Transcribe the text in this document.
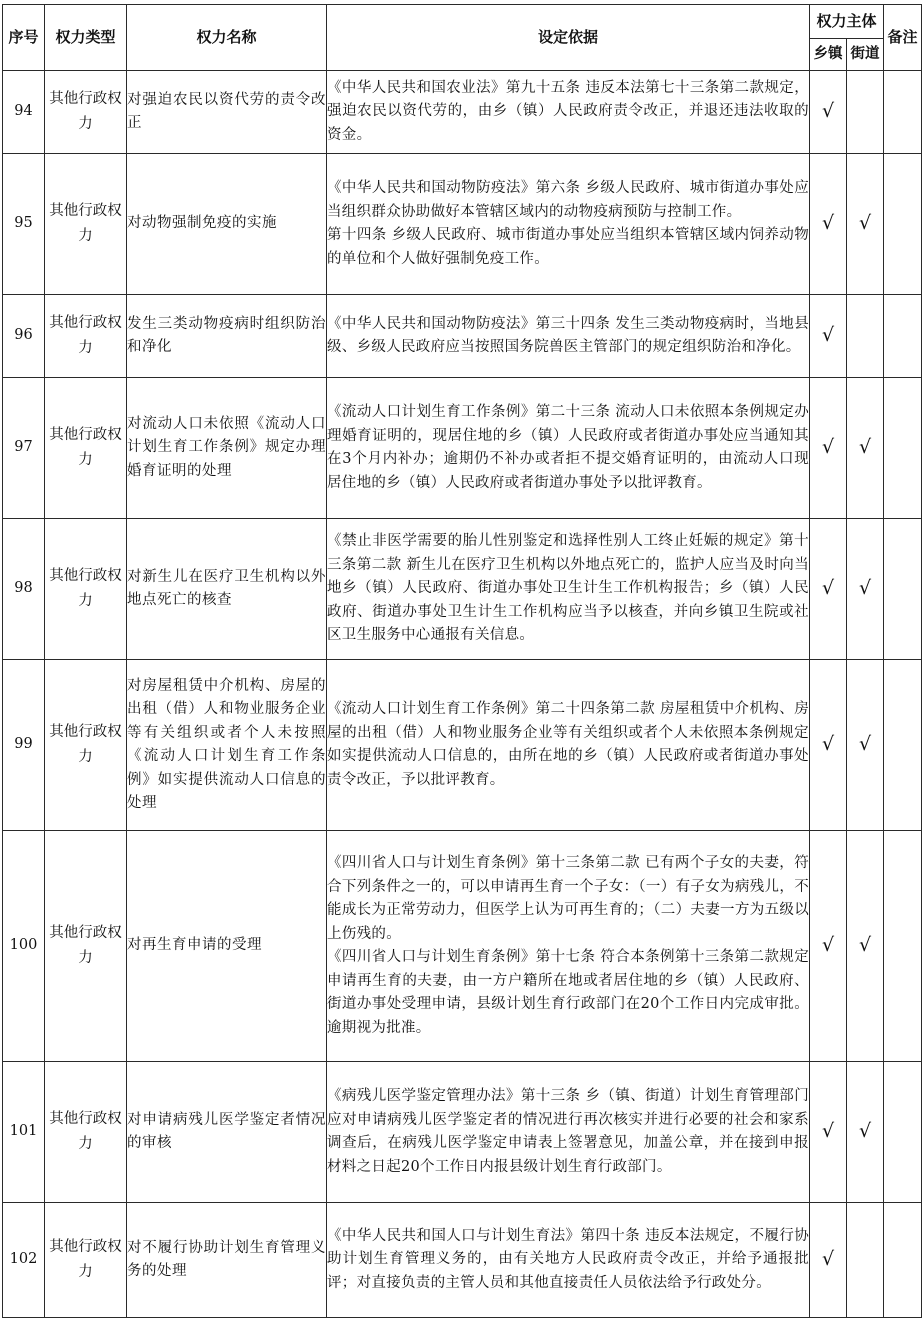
序号	权力类型	权力名称	设定依据	权力主体		备注
				乡镇	街道	
94	其他行政权力	对强迫农民以资代劳的责令改正	《中华人民共和国农业法》第九十五条 违反本法第七十三条第二款规定，强迫农民以资代劳的，由乡（镇）人民政府责令改正，并退还违法收取的资金。	√		
95	其他行政权力	对动物强制免疫的实施	《中华人民共和国动物防疫法》第六条 乡级人民政府、城市街道办事处应当组织群众协助做好本管辖区域内的动物疫病预防与控制工作。
第十四条 乡级人民政府、城市街道办事处应当组织本管辖区域内饲养动物的单位和个人做好强制免疫工作。	√	√	
96	其他行政权力	发生三类动物疫病时组织防治和净化	《中华人民共和国动物防疫法》第三十四条 发生三类动物疫病时，当地县级、乡级人民政府应当按照国务院兽医主管部门的规定组织防治和净化。	√		
97	其他行政权力	对流动人口未依照《流动人口计划生育工作条例》规定办理婚育证明的处理	《流动人口计划生育工作条例》第二十三条 流动人口未依照本条例规定办理婚育证明的，现居住地的乡（镇）人民政府或者街道办事处应当通知其在3个月内补办；逾期仍不补办或者拒不提交婚育证明的，由流动人口现居住地的乡（镇）人民政府或者街道办事处予以批评教育。	√	√	
98	其他行政权力	对新生儿在医疗卫生机构以外地点死亡的核查	《禁止非医学需要的胎儿性别鉴定和选择性别人工终止妊娠的规定》第十三条第二款 新生儿在医疗卫生机构以外地点死亡的，监护人应当及时向当地乡（镇）人民政府、街道办事处卫生计生工作机构报告；乡（镇）人民政府、街道办事处卫生计生工作机构应当予以核查，并向乡镇卫生院或社区卫生服务中心通报有关信息。	√	√	
99	其他行政权力	对房屋租赁中介机构、房屋的出租（借）人和物业服务企业等有关组织或者个人未按照《流动人口计划生育工作条例》如实提供流动人口信息的处理	《流动人口计划生育工作条例》第二十四条第二款 房屋租赁中介机构、房屋的出租（借）人和物业服务企业等有关组织或者个人未依照本条例规定如实提供流动人口信息的，由所在地的乡（镇）人民政府或者街道办事处责令改正，予以批评教育。	√	√	
100	其他行政权力	对再生育申请的受理	《四川省人口与计划生育条例》第十三条第二款 已有两个子女的夫妻，符合下列条件之一的，可以申请再生育一个子女：（一）有子女为病残儿，不能成长为正常劳动力，但医学上认为可再生育的；（二）夫妻一方为五级以上伤残的。
《四川省人口与计划生育条例》第十七条 符合本条例第十三条第二款规定申请再生育的夫妻，由一方户籍所在地或者居住地的乡（镇）人民政府、街道办事处受理申请，县级计划生育行政部门在20个工作日内完成审批。逾期视为批准。	√	√	
101	其他行政权力	对申请病残儿医学鉴定者情况的审核	《病残儿医学鉴定管理办法》第十三条 乡（镇、街道）计划生育管理部门应对申请病残儿医学鉴定者的情况进行再次核实并进行必要的社会和家系调查后，在病残儿医学鉴定申请表上签署意见，加盖公章，并在接到申报材料之日起20个工作日内报县级计划生育行政部门。	√	√	
102	其他行政权力	对不履行协助计划生育管理义务的处理	《中华人民共和国人口与计划生育法》第四十条 违反本法规定，不履行协助计划生育管理义务的，由有关地方人民政府责令改正，并给予通报批评；对直接负责的主管人员和其他直接责任人员依法给予行政处分。	√		
